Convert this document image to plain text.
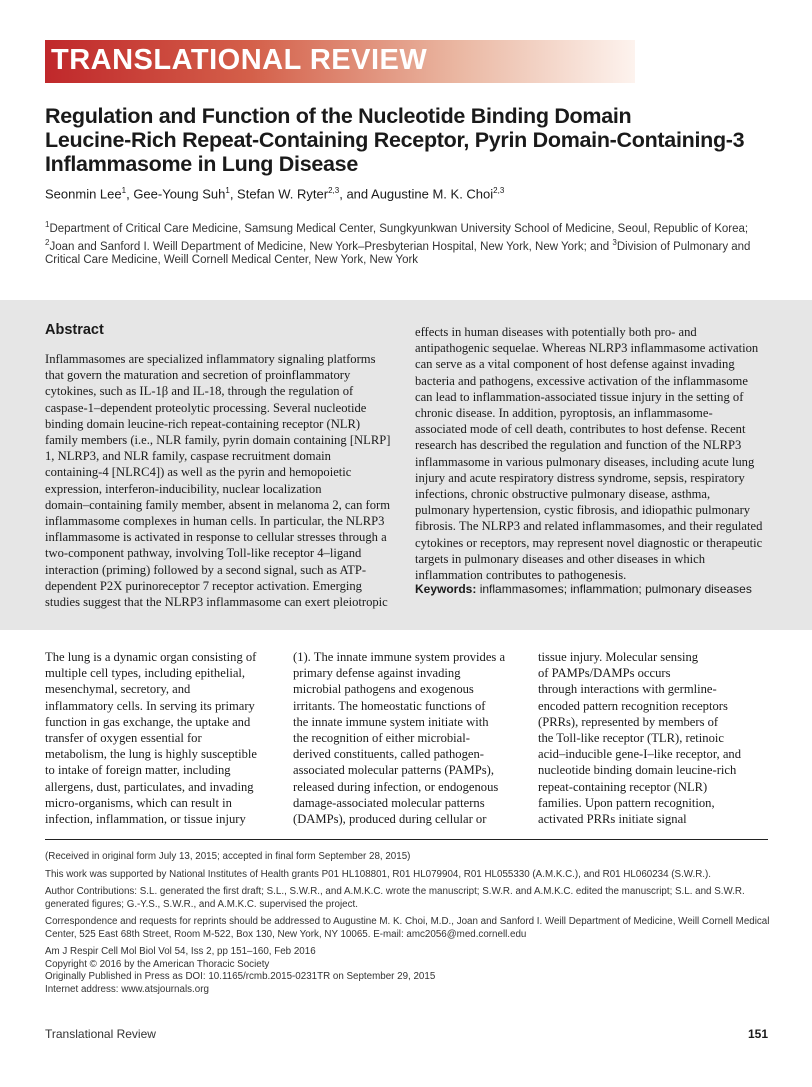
TRANSLATIONAL REVIEW
Regulation and Function of the Nucleotide Binding Domain
Leucine-Rich Repeat-Containing Receptor, Pyrin Domain-Containing-3
Inflammasome in Lung Disease
Seonmin Lee$^1$, Gee-Young Suh$^1$, Stefan W. Ryter$^{2,3}$, and Augustine M. K. Choi$^{2,3}$
$^1$Department of Critical Care Medicine, Samsung Medical Center, Sungkyunkwan University School of Medicine, Seoul, Republic of Korea; $^2$Joan and Sanford I. Weill Department of Medicine, New York–Presbyterian Hospital, New York, New York; and $^3$Division of Pulmonary and Critical Care Medicine, Weill Cornell Medical Center, New York, New York
Abstract
Inflammasomes are specialized inflammatory signaling platforms
that govern the maturation and secretion of proinflammatory
cytokines, such as IL-1β and IL-18, through the regulation of
caspase-1–dependent proteolytic processing. Several nucleotide
binding domain leucine-rich repeat-containing receptor (NLR)
family members (i.e., NLR family, pyrin domain containing [NLRP]
1, NLRP3, and NLR family, caspase recruitment domain
containing-4 [NLRC4]) as well as the pyrin and hemopoietic
expression, interferon-inducibility, nuclear localization
domain–containing family member, absent in melanoma 2, can form
inflammasome complexes in human cells. In particular, the NLRP3
inflammasome is activated in response to cellular stresses through a
two-component pathway, involving Toll-like receptor 4–ligand
interaction (priming) followed by a second signal, such as ATP-
dependent P2X purinoreceptor 7 receptor activation. Emerging
studies suggest that the NLRP3 inflammasome can exert pleiotropic
effects in human diseases with potentially both pro- and
antipathogenic sequelae. Whereas NLRP3 inflammasome activation
can serve as a vital component of host defense against invading
bacteria and pathogens, excessive activation of the inflammasome
can lead to inflammation-associated tissue injury in the setting of
chronic disease. In addition, pyroptosis, an inflammasome-
associated mode of cell death, contributes to host defense. Recent
research has described the regulation and function of the NLRP3
inflammasome in various pulmonary diseases, including acute lung
injury and acute respiratory distress syndrome, sepsis, respiratory
infections, chronic obstructive pulmonary disease, asthma,
pulmonary hypertension, cystic fibrosis, and idiopathic pulmonary
fibrosis. The NLRP3 and related inflammasomes, and their regulated
cytokines or receptors, may represent novel diagnostic or therapeutic
targets in pulmonary diseases and other diseases in which
inflammation contributes to pathogenesis.
Keywords: inflammasomes; inflammation; pulmonary diseases
The lung is a dynamic organ consisting of
multiple cell types, including epithelial,
mesenchymal, secretory, and
inflammatory cells. In serving its primary
function in gas exchange, the uptake and
transfer of oxygen essential for
metabolism, the lung is highly susceptible
to intake of foreign matter, including
allergens, dust, particulates, and invading
micro-organisms, which can result in
infection, inflammation, or tissue injury
(1). The innate immune system provides a
primary defense against invading
microbial pathogens and exogenous
irritants. The homeostatic functions of
the innate immune system initiate with
the recognition of either microbial-
derived constituents, called pathogen-
associated molecular patterns (PAMPs),
released during infection, or endogenous
damage-associated molecular patterns
(DAMPs), produced during cellular or
tissue injury. Molecular sensing
of PAMPs/DAMPs occurs
through interactions with germline-
encoded pattern recognition receptors
(PRRs), represented by members of
the Toll-like receptor (TLR), retinoic
acid–inducible gene-I–like receptor, and
nucleotide binding domain leucine-rich
repeat-containing receptor (NLR)
families. Upon pattern recognition,
activated PRRs initiate signal

(Received in original form July 13, 2015; accepted in final form September 28, 2015)

This work was supported by National Institutes of Health grants P01 HL108801, R01 HL079904, R01 HL055330 (A.M.K.C.), and R01 HL060234 (S.W.R.).

Author Contributions: S.L. generated the first draft; S.L., S.W.R., and A.M.K.C. wrote the manuscript; S.W.R. and A.M.K.C. edited the manuscript; S.L. and S.W.R. generated figures; G.-Y.S., S.W.R., and A.M.K.C. supervised the project.

Correspondence and requests for reprints should be addressed to Augustine M. K. Choi, M.D., Joan and Sanford I. Weill Department of Medicine, Weill Cornell Medical Center, 525 East 68th Street, Room M-522, Box 130, New York, NY 10065. E-mail: amc2056@med.cornell.edu

Am J Respir Cell Mol Biol Vol 54, Iss 2, pp 151–160, Feb 2016
Copyright © 2016 by the American Thoracic Society
Originally Published in Press as DOI: 10.1165/rcmb.2015-0231TR on September 29, 2015
Internet address: www.atsjournals.org
Translational Review	151
